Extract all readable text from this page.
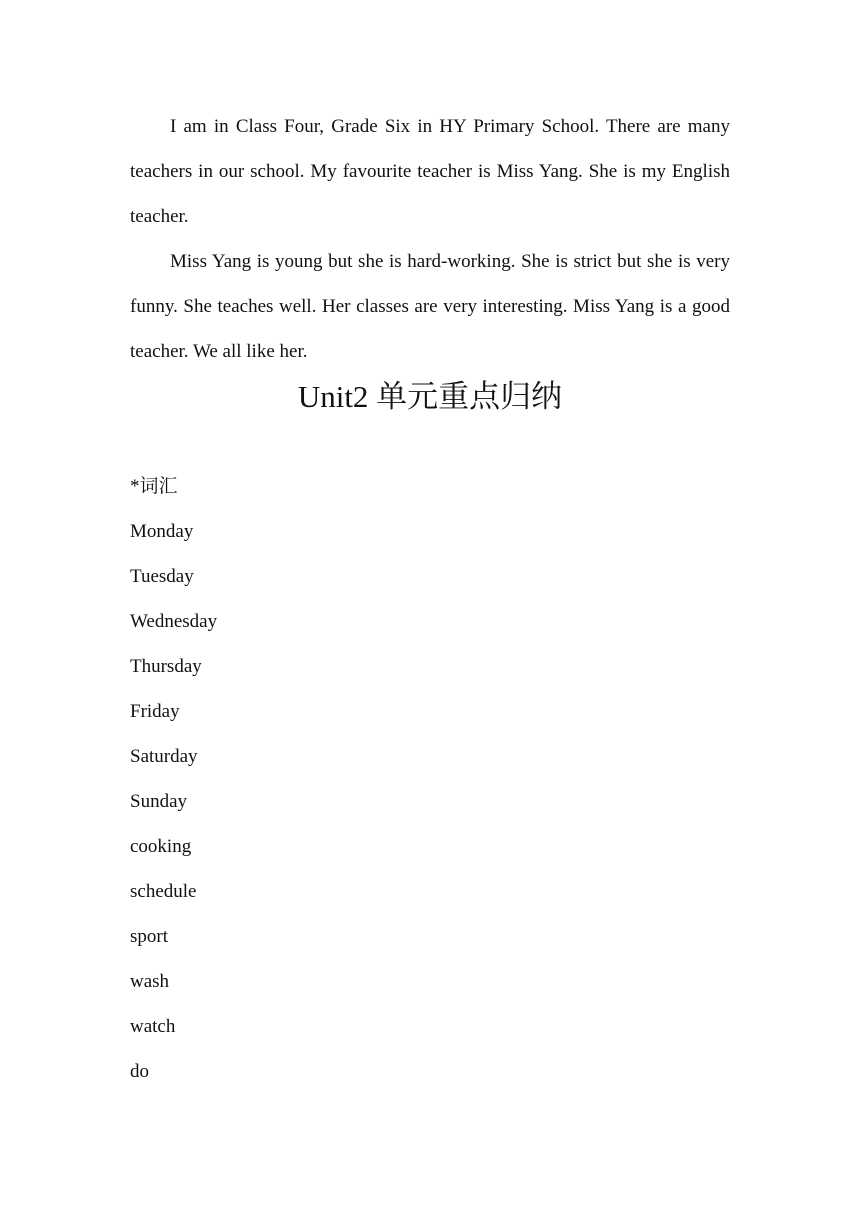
I am in Class Four, Grade Six in HY Primary School. There are many teachers in our school. My favourite teacher is Miss Yang. She is my English teacher.

Miss Yang is young but she is hard-working. She is strict but she is very funny. She teaches well. Her classes are very interesting. Miss Yang is a good teacher. We all like her.

Unit2 单元重点归纳

*词汇

Monday
Tuesday
Wednesday
Thursday
Friday
Saturday
Sunday
cooking
schedule
sport
wash
watch
do
